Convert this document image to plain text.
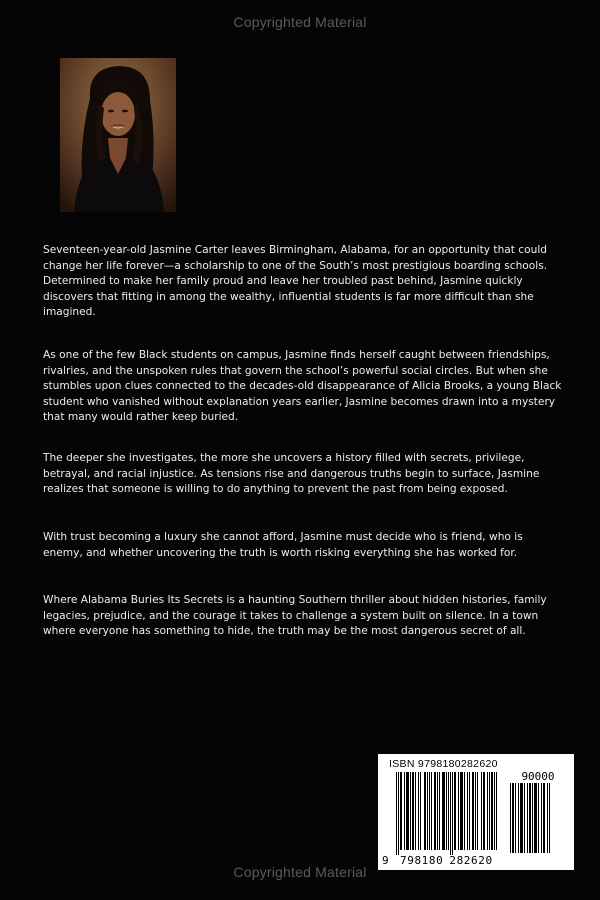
Copyrighted Material

Seventeen-year-old Jasmine Carter leaves Birmingham, Alabama, for an opportunity that could change her life forever—a scholarship to one of the South’s most prestigious boarding schools. Determined to make her family proud and leave her troubled past behind, Jasmine quickly discovers that fitting in among the wealthy, influential students is far more difficult than she imagined.

As one of the few Black students on campus, Jasmine finds herself caught between friendships, rivalries, and the unspoken rules that govern the school’s powerful social circles. But when she stumbles upon clues connected to the decades-old disappearance of Alicia Brooks, a young Black student who vanished without explanation years earlier, Jasmine becomes drawn into a mystery that many would rather keep buried.

The deeper she investigates, the more she uncovers a history filled with secrets, privilege, betrayal, and racial injustice. As tensions rise and dangerous truths begin to surface, Jasmine realizes that someone is willing to do anything to prevent the past from being exposed.

With trust becoming a luxury she cannot afford, Jasmine must decide who is friend, who is enemy, and whether uncovering the truth is worth risking everything she has worked for.

Where Alabama Buries Its Secrets is a haunting Southern thriller about hidden histories, family legacies, prejudice, and the courage it takes to challenge a system built on silence. In a town where everyone has something to hide, the truth may be the most dangerous secret of all.

ISBN 9798180282620
90000
9 798180 282620
Copyrighted Material
